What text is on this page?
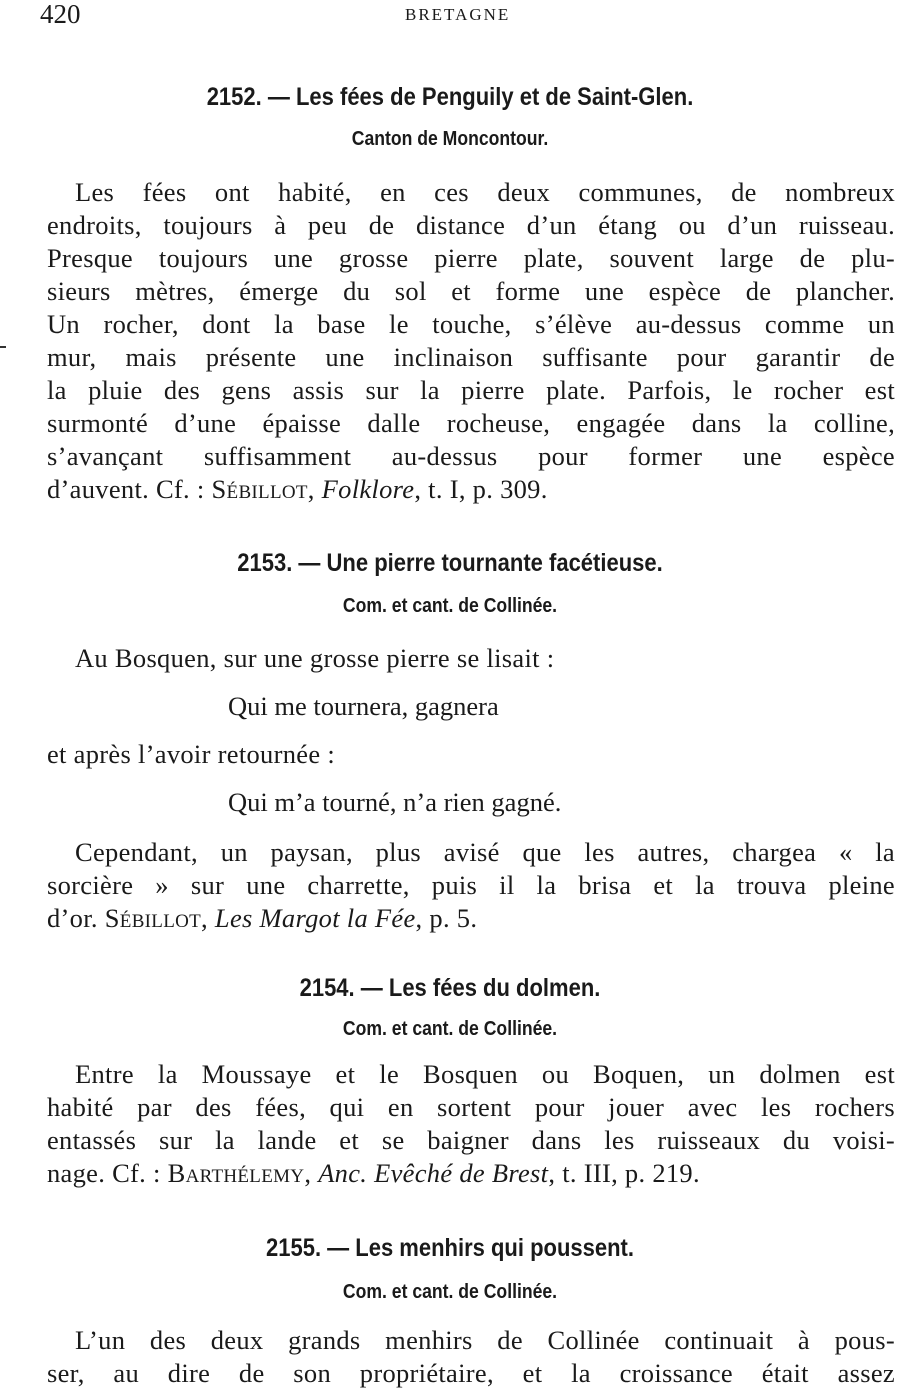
420	BRETAGNE
2152. — Les fées de Penguily et de Saint-Glen.
Canton de Moncontour.
Les fées ont habité, en ces deux communes, de nombreux
endroits, toujours à peu de distance d’un étang ou d’un ruisseau.
Presque toujours une grosse pierre plate, souvent large de plu-
sieurs mètres, émerge du sol et forme une espèce de plancher.
Un rocher, dont la base le touche, s’élève au-dessus comme un
mur, mais présente une inclinaison suffisante pour garantir de
la pluie des gens assis sur la pierre plate. Parfois, le rocher est
surmonté d’une épaisse dalle rocheuse, engagée dans la colline,
s’avançant suffisamment au-dessus pour former une espèce
d’auvent. Cf. : Sébillot, Folklore, t. I, p. 309.
2153. — Une pierre tournante facétieuse.
Com. et cant. de Collinée.
Au Bosquen, sur une grosse pierre se lisait :
Qui me tournera, gagnera
et après l’avoir retournée :
Qui m’a tourné, n’a rien gagné.
Cependant, un paysan, plus avisé que les autres, chargea « la
sorcière » sur une charrette, puis il la brisa et la trouva pleine
d’or. Sébillot, Les Margot la Fée, p. 5.
2154. — Les fées du dolmen.
Com. et cant. de Collinée.
Entre la Moussaye et le Bosquen ou Boquen, un dolmen est
habité par des fées, qui en sortent pour jouer avec les rochers
entassés sur la lande et se baigner dans les ruisseaux du voisi-
nage. Cf. : Barthélemy, Anc. Evêché de Brest, t. III, p. 219.
2155. — Les menhirs qui poussent.
Com. et cant. de Collinée.
L’un des deux grands menhirs de Collinée continuait à pous-
ser, au dire de son propriétaire, et la croissance était assez
